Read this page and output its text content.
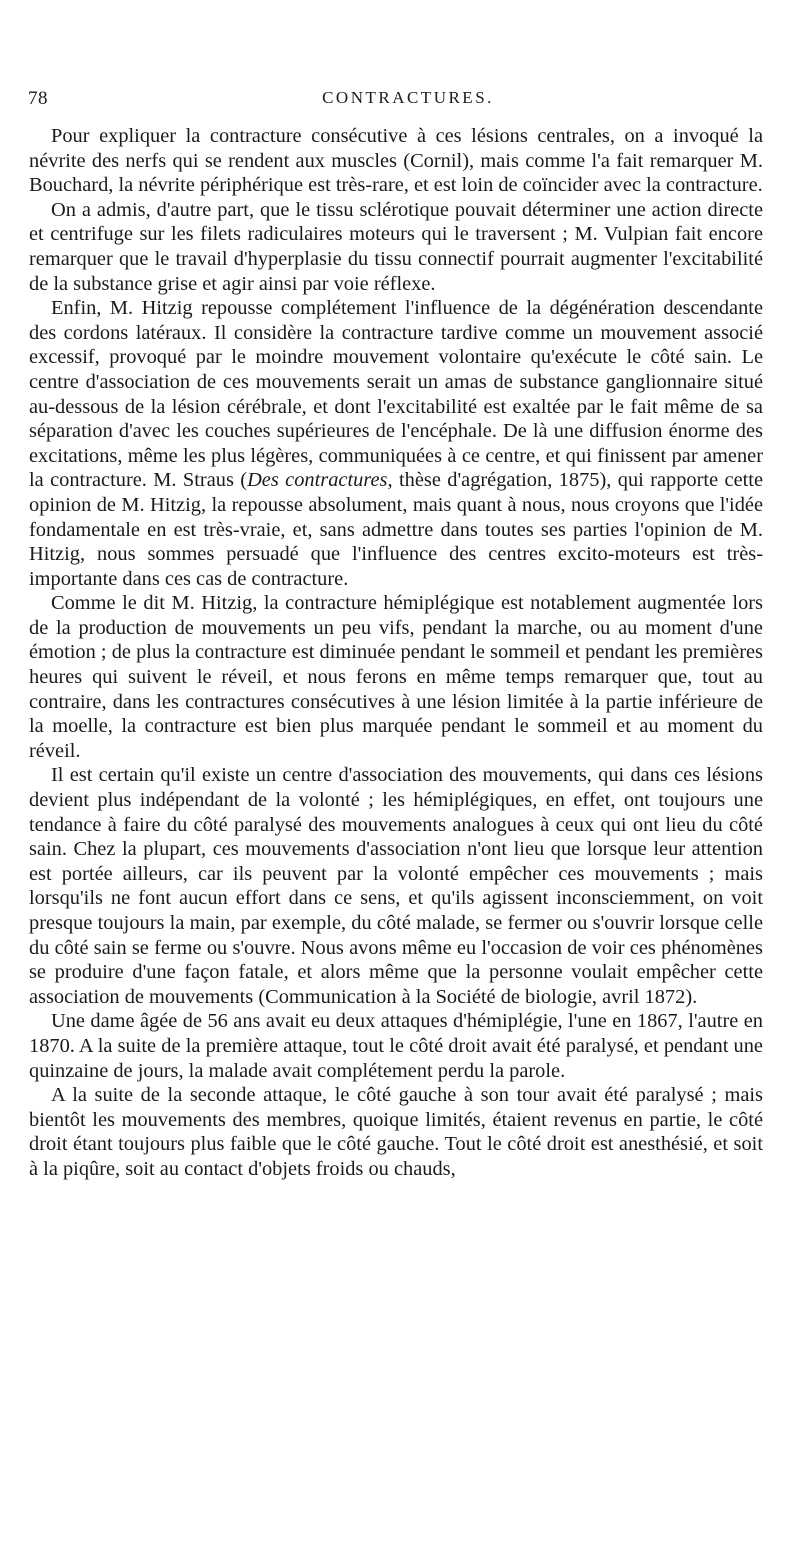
78	CONTRACTURES.

Pour expliquer la contracture consécutive à ces lésions centrales, on a invoqué la névrite des nerfs qui se rendent aux muscles (Cornil), mais comme l'a fait remarquer M. Bouchard, la névrite périphérique est très-rare, et est loin de coïncider avec la contracture.

On a admis, d'autre part, que le tissu sclérotique pouvait déterminer une action directe et centrifuge sur les filets radiculaires moteurs qui le traversent ; M. Vulpian fait encore remarquer que le travail d'hyperplasie du tissu connectif pourrait augmenter l'excitabilité de la substance grise et agir ainsi par voie réflexe.

Enfin, M. Hitzig repousse complétement l'influence de la dégénération descendante des cordons latéraux. Il considère la contracture tardive comme un mouvement associé excessif, provoqué par le moindre mouvement volontaire qu'exécute le côté sain. Le centre d'association de ces mouvements serait un amas de substance ganglionnaire situé au-dessous de la lésion cérébrale, et dont l'excitabilité est exaltée par le fait même de sa séparation d'avec les couches supérieures de l'encéphale. De là une diffusion énorme des excitations, même les plus légères, communiquées à ce centre, et qui finissent par amener la contracture. M. Straus (Des contractures, thèse d'agrégation, 1875), qui rapporte cette opinion de M. Hitzig, la repousse absolument, mais quant à nous, nous croyons que l'idée fondamentale en est très-vraie, et, sans admettre dans toutes ses parties l'opinion de M. Hitzig, nous sommes persuadé que l'influence des centres excito-moteurs est très-importante dans ces cas de contracture.

Comme le dit M. Hitzig, la contracture hémiplégique est notablement augmentée lors de la production de mouvements un peu vifs, pendant la marche, ou au moment d'une émotion ; de plus la contracture est diminuée pendant le sommeil et pendant les premières heures qui suivent le réveil, et nous ferons en même temps remarquer que, tout au contraire, dans les contractures consécutives à une lésion limitée à la partie inférieure de la moelle, la contracture est bien plus marquée pendant le sommeil et au moment du réveil.

Il est certain qu'il existe un centre d'association des mouvements, qui dans ces lésions devient plus indépendant de la volonté ; les hémiplégiques, en effet, ont toujours une tendance à faire du côté paralysé des mouvements analogues à ceux qui ont lieu du côté sain. Chez la plupart, ces mouvements d'association n'ont lieu que lorsque leur attention est portée ailleurs, car ils peuvent par la volonté empêcher ces mouvements ; mais lorsqu'ils ne font aucun effort dans ce sens, et qu'ils agissent inconsciemment, on voit presque toujours la main, par exemple, du côté malade, se fermer ou s'ouvrir lorsque celle du côté sain se ferme ou s'ouvre. Nous avons même eu l'occasion de voir ces phénomènes se produire d'une façon fatale, et alors même que la personne voulait empêcher cette association de mouvements (Communication à la Société de biologie, avril 1872).

Une dame âgée de 56 ans avait eu deux attaques d'hémiplégie, l'une en 1867, l'autre en 1870. A la suite de la première attaque, tout le côté droit avait été paralysé, et pendant une quinzaine de jours, la malade avait complétement perdu la parole.

A la suite de la seconde attaque, le côté gauche à son tour avait été paralysé ; mais bientôt les mouvements des membres, quoique limités, étaient revenus en partie, le côté droit étant toujours plus faible que le côté gauche. Tout le côté droit est anesthésié, et soit à la piqûre, soit au contact d'objets froids ou chauds,
